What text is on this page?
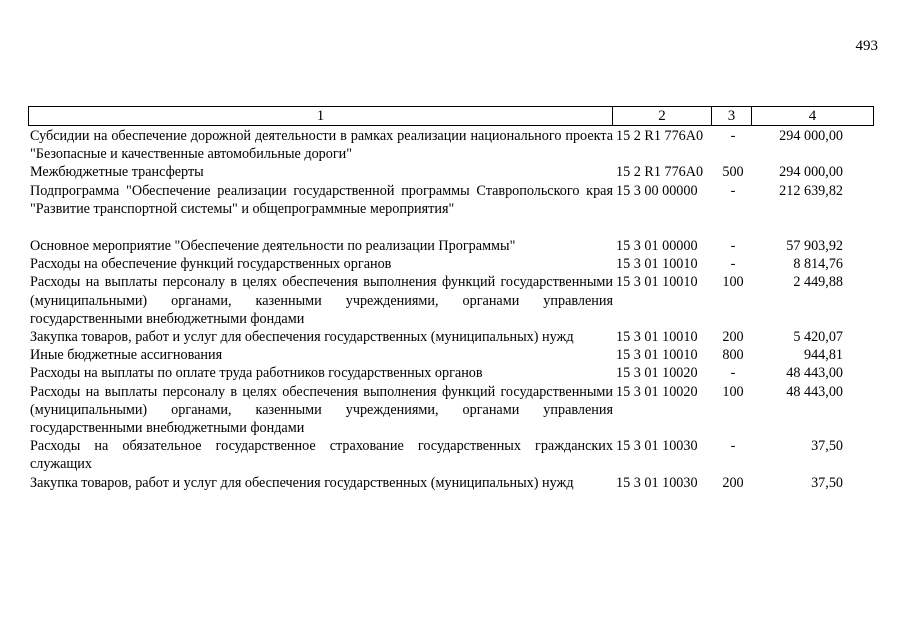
493
1	2	3	4
Субсидии на обеспечение дорожной деятельности в рамках реализации национального проекта "Безопасные и качественные автомобильные дороги"
15 2 R1 776А0	-	294 000,00
Межбюджетные трансферты	15 2 R1 776А0	500	294 000,00
Подпрограмма "Обеспечение реализации государственной программы Ставропольского края "Развитие транспортной системы" и общепрограммные мероприятия"
15 3 00 00000	-	212 639,82
Основное мероприятие "Обеспечение деятельности по реализации Программы"	15 3 01 00000	-	57 903,92
Расходы на обеспечение функций государственных органов	15 3 01 10010	-	8 814,76
Расходы на выплаты персоналу в целях обеспечения выполнения функций государственными (муниципальными) органами, казенными учреждениями, органами управления государственными внебюджетными фондами
15 3 01 10010	100	2 449,88
Закупка товаров, работ и услуг для обеспечения государственных (муниципальных) нужд	15 3 01 10010	200	5 420,07
Иные бюджетные ассигнования	15 3 01 10010	800	944,81
Расходы на выплаты по оплате труда работников государственных органов	15 3 01 10020	-	48 443,00
Расходы на выплаты персоналу в целях обеспечения выполнения функций государственными (муниципальными) органами, казенными учреждениями, органами управления государственными внебюджетными фондами
15 3 01 10020	100	48 443,00
Расходы на обязательное государственное страхование государственных гражданских служащих
15 3 01 10030	-	37,50
Закупка товаров, работ и услуг для обеспечения государственных (муниципальных) нужд	15 3 01 10030	200	37,50
